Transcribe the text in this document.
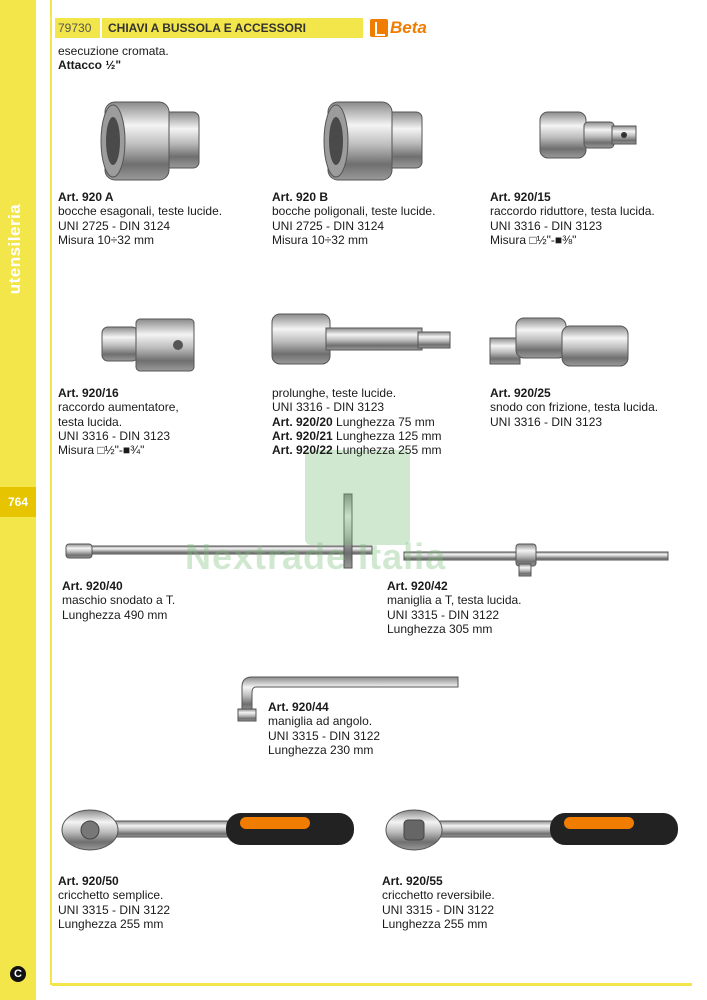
utensileria
764
C
79730 CHIAVI A BUSSOLA E ACCESSORI	Beta
esecuzione cromata.
Attacco ½"
Nextrade Italia
Art. 920 A
bocche esagonali, teste lucide.
UNI 2725 - DIN 3124
Misura 10÷32 mm
Art. 920 B
bocche poligonali, teste lucide.
UNI 2725 - DIN 3124
Misura 10÷32 mm
Art. 920/15
raccordo riduttore, testa lucida.
UNI 3316 - DIN 3123
Misura □½"-■⅜"
Art. 920/16
raccordo aumentatore,
testa lucida.
UNI 3316 - DIN 3123
Misura □½"-■¾"
prolunghe, teste lucide.
UNI 3316 - DIN 3123
Art. 920/20 Lunghezza 75 mm
Art. 920/21 Lunghezza 125 mm
Art. 920/22 Lunghezza 255 mm
Art. 920/25
snodo con frizione, testa lucida.
UNI 3316 - DIN 3123
Art. 920/40
maschio snodato a T.
Lunghezza 490 mm
Art. 920/42
maniglia a T, testa lucida.
UNI 3315 - DIN 3122
Lunghezza 305 mm
Art. 920/44
maniglia ad angolo.
UNI 3315 - DIN 3122
Lunghezza 230 mm
Art. 920/50
cricchetto semplice.
UNI 3315 - DIN 3122
Lunghezza 255 mm
Art. 920/55
cricchetto reversibile.
UNI 3315 - DIN 3122
Lunghezza 255 mm
